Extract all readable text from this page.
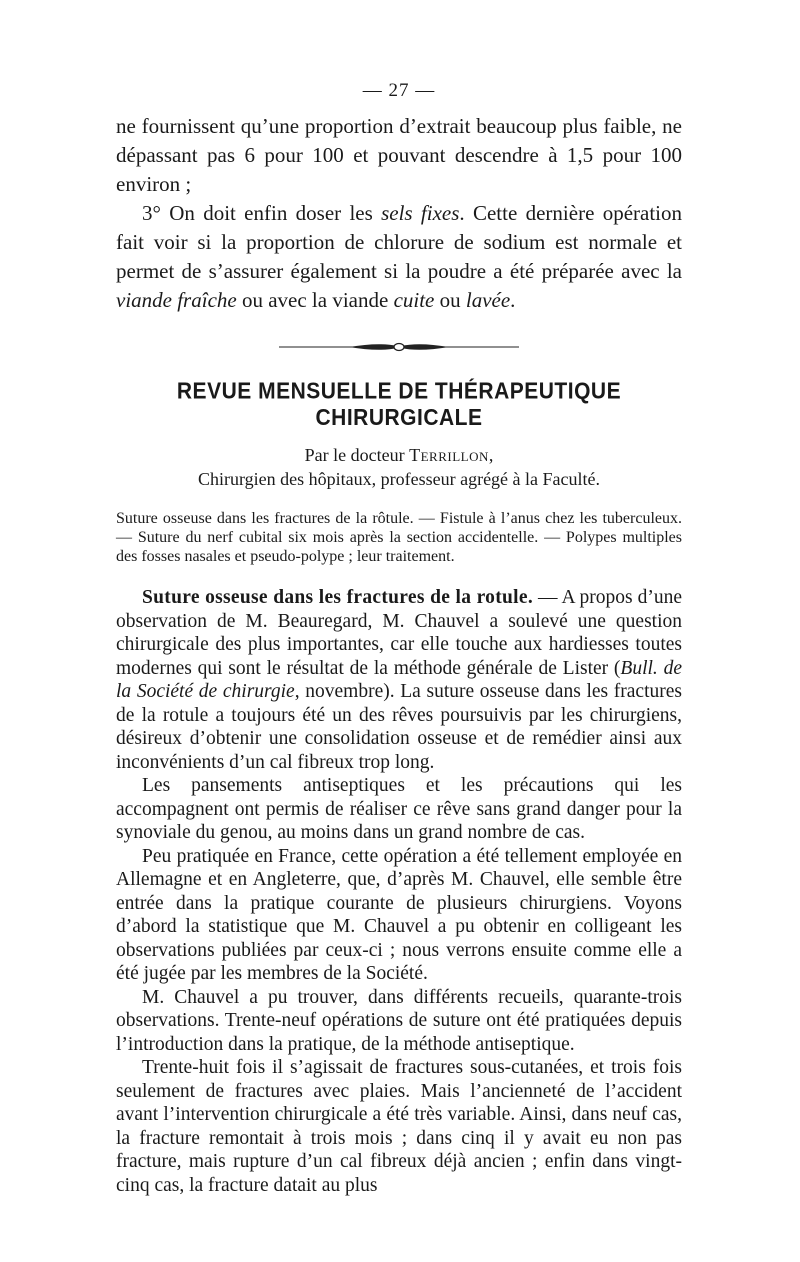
— 27 —

ne fournissent qu’une proportion d’extrait beaucoup plus faible, ne dépassant pas 6 pour 100 et pouvant descendre à 1,5 pour 100 environ ;

3° On doit enfin doser les sels fixes. Cette dernière opération fait voir si la proportion de chlorure de sodium est normale et permet de s’assurer également si la poudre a été préparée avec la viande fraîche ou avec la viande cuite ou lavée.

REVUE MENSUELLE DE THÉRAPEUTIQUE CHIRURGICALE

Par le docteur Terrillon,

Chirurgien des hôpitaux, professeur agrégé à la Faculté.

Suture osseuse dans les fractures de la rôtule. — Fistule à l’anus chez les tuberculeux. — Suture du nerf cubital six mois après la section accidentelle. — Polypes multiples des fosses nasales et pseudo-polype ; leur traitement.

Suture osseuse dans les fractures de la rotule. — A propos d’une observation de M. Beauregard, M. Chauvel a soulevé une question chirurgicale des plus importantes, car elle touche aux hardiesses toutes modernes qui sont le résultat de la méthode générale de Lister (Bull. de la Société de chirurgie, novembre). La suture osseuse dans les fractures de la rotule a toujours été un des rêves poursuivis par les chirurgiens, désireux d’obtenir une consolidation osseuse et de remédier ainsi aux inconvénients d’un cal fibreux trop long.

Les pansements antiseptiques et les précautions qui les accompagnent ont permis de réaliser ce rêve sans grand danger pour la synoviale du genou, au moins dans un grand nombre de cas.

Peu pratiquée en France, cette opération a été tellement employée en Allemagne et en Angleterre, que, d’après M. Chauvel, elle semble être entrée dans la pratique courante de plusieurs chirurgiens. Voyons d’abord la statistique que M. Chauvel a pu obtenir en colligeant les observations publiées par ceux-ci ; nous verrons ensuite comme elle a été jugée par les membres de la Société.

M. Chauvel a pu trouver, dans différents recueils, quarante-trois observations. Trente-neuf opérations de suture ont été pratiquées depuis l’introduction dans la pratique, de la méthode antiseptique.

Trente-huit fois il s’agissait de fractures sous-cutanées, et trois fois seulement de fractures avec plaies. Mais l’ancienneté de l’accident avant l’intervention chirurgicale a été très variable. Ainsi, dans neuf cas, la fracture remontait à trois mois ; dans cinq il y avait eu non pas fracture, mais rupture d’un cal fibreux déjà ancien ; enfin dans vingt-cinq cas, la fracture datait au plus
